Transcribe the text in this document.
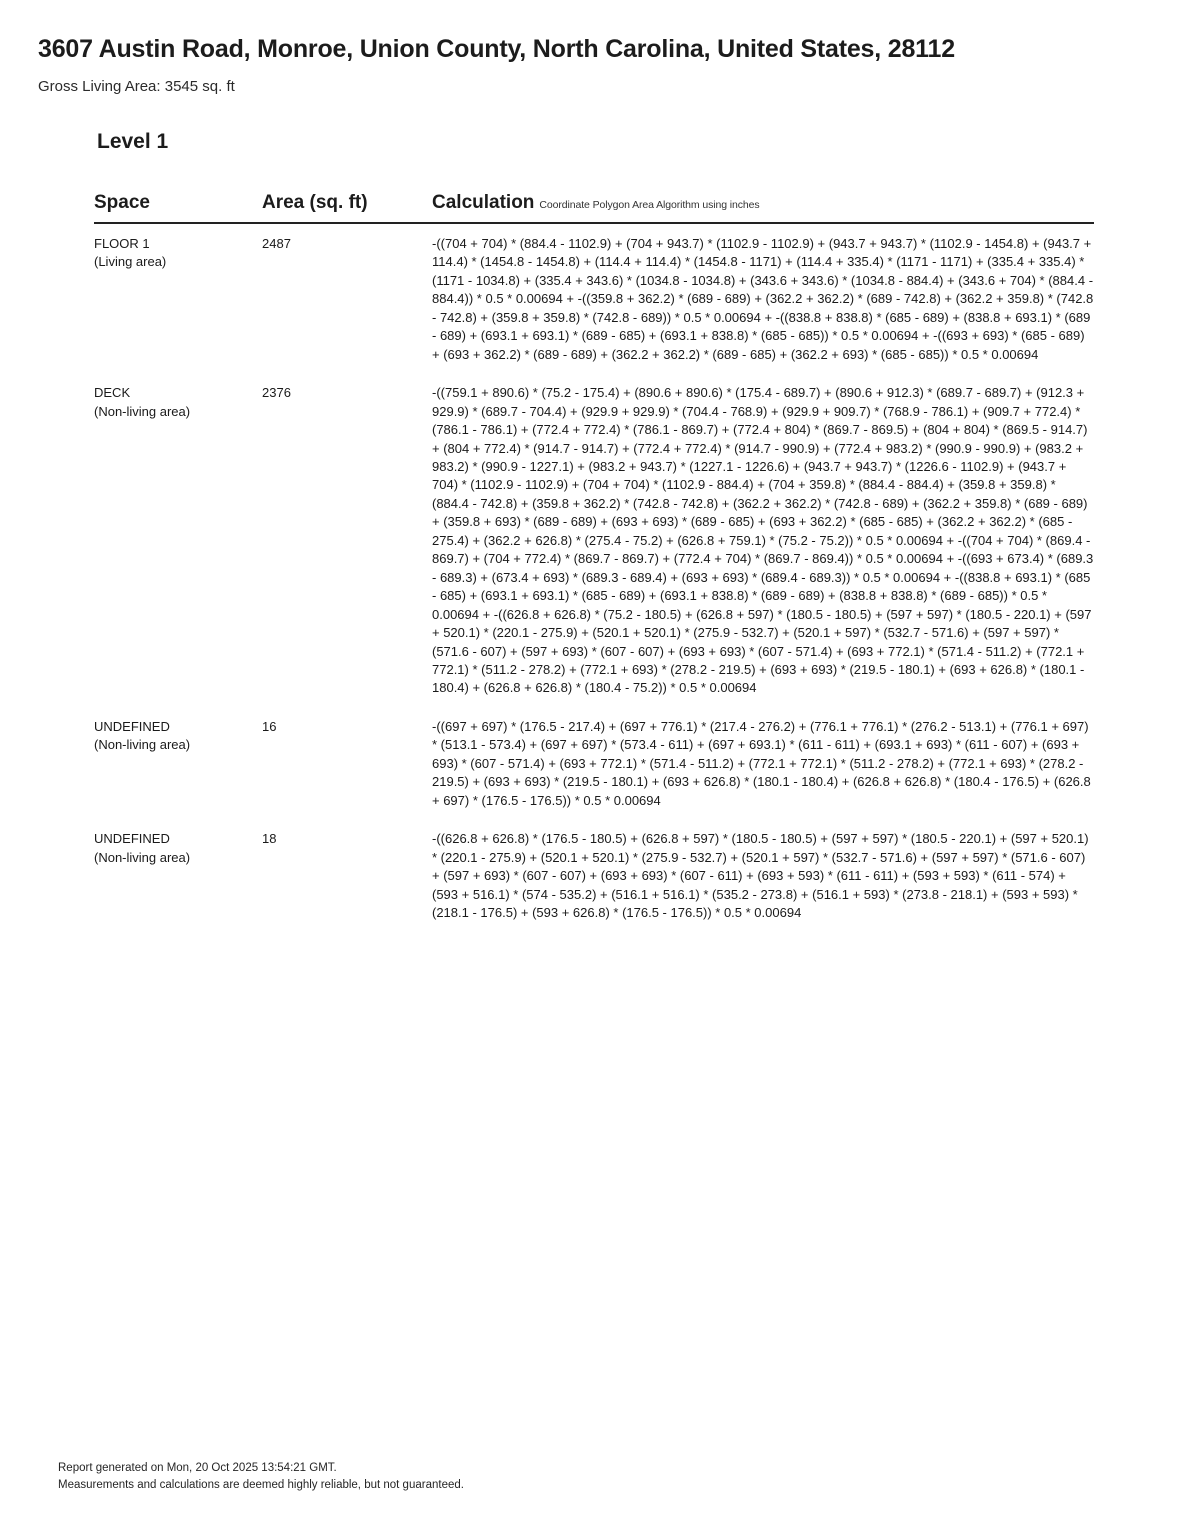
3607 Austin Road, Monroe, Union County, North Carolina, United States, 28112

Gross Living Area: 3545 sq. ft

Level 1
Space	Area (sq. ft)	Calculation Coordinate Polygon Area Algorithm using inches

FLOOR 1
(Living area)	2487	-((704 + 704) * (884.4 - 1102.9) + (704 + 943.7) * (1102.9 - 1102.9) + (943.7 + 943.7) * (1102.9 - 1454.8) + (943.7 + 114.4) * (1454.8 - 1454.8) + (114.4 + 114.4) * (1454.8 - 1171) + (114.4 + 335.4) * (1171 - 1171) + (335.4 + 335.4) * (1171 - 1034.8) + (335.4 + 343.6) * (1034.8 - 1034.8) + (343.6 + 343.6) * (1034.8 - 884.4) + (343.6 + 704) * (884.4 - 884.4)) * 0.5 * 0.00694 + -((359.8 + 362.2) * (689 - 689) + (362.2 + 362.2) * (689 - 742.8) + (362.2 + 359.8) * (742.8 - 742.8) + (359.8 + 359.8) * (742.8 - 689)) * 0.5 * 0.00694 + -((838.8 + 838.8) * (685 - 689) + (838.8 + 693.1) * (689 - 689) + (693.1 + 693.1) * (689 - 685) + (693.1 + 838.8) * (685 - 685)) * 0.5 * 0.00694 + -((693 + 693) * (685 - 689) + (693 + 362.2) * (689 - 689) + (362.2 + 362.2) * (689 - 685) + (362.2 + 693) * (685 - 685)) * 0.5 * 0.00694

DECK
(Non-living area)	2376	-((759.1 + 890.6) * (75.2 - 175.4) + (890.6 + 890.6) * (175.4 - 689.7) + (890.6 + 912.3) * (689.7 - 689.7) + (912.3 + 929.9) * (689.7 - 704.4) + (929.9 + 929.9) * (704.4 - 768.9) + (929.9 + 909.7) * (768.9 - 786.1) + (909.7 + 772.4) * (786.1 - 786.1) + (772.4 + 772.4) * (786.1 - 869.7) + (772.4 + 804) * (869.7 - 869.5) + (804 + 804) * (869.5 - 914.7) + (804 + 772.4) * (914.7 - 914.7) + (772.4 + 772.4) * (914.7 - 990.9) + (772.4 + 983.2) * (990.9 - 990.9) + (983.2 + 983.2) * (990.9 - 1227.1) + (983.2 + 943.7) * (1227.1 - 1226.6) + (943.7 + 943.7) * (1226.6 - 1102.9) + (943.7 + 704) * (1102.9 - 1102.9) + (704 + 704) * (1102.9 - 884.4) + (704 + 359.8) * (884.4 - 884.4) + (359.8 + 359.8) * (884.4 - 742.8) + (359.8 + 362.2) * (742.8 - 742.8) + (362.2 + 362.2) * (742.8 - 689) + (362.2 + 359.8) * (689 - 689) + (359.8 + 693) * (689 - 689) + (693 + 693) * (689 - 685) + (693 + 362.2) * (685 - 685) + (362.2 + 362.2) * (685 - 275.4) + (362.2 + 626.8) * (275.4 - 75.2) + (626.8 + 759.1) * (75.2 - 75.2)) * 0.5 * 0.00694 + -((704 + 704) * (869.4 - 869.7) + (704 + 772.4) * (869.7 - 869.7) + (772.4 + 704) * (869.7 - 869.4)) * 0.5 * 0.00694 + -((693 + 673.4) * (689.3 - 689.3) + (673.4 + 693) * (689.3 - 689.4) + (693 + 693) * (689.4 - 689.3)) * 0.5 * 0.00694 + -((838.8 + 693.1) * (685 - 685) + (693.1 + 693.1) * (685 - 689) + (693.1 + 838.8) * (689 - 689) + (838.8 + 838.8) * (689 - 685)) * 0.5 * 0.00694 + -((626.8 + 626.8) * (75.2 - 180.5) + (626.8 + 597) * (180.5 - 180.5) + (597 + 597) * (180.5 - 220.1) + (597 + 520.1) * (220.1 - 275.9) + (520.1 + 520.1) * (275.9 - 532.7) + (520.1 + 597) * (532.7 - 571.6) + (597 + 597) * (571.6 - 607) + (597 + 693) * (607 - 607) + (693 + 693) * (607 - 571.4) + (693 + 772.1) * (571.4 - 511.2) + (772.1 + 772.1) * (511.2 - 278.2) + (772.1 + 693) * (278.2 - 219.5) + (693 + 693) * (219.5 - 180.1) + (693 + 626.8) * (180.1 - 180.4) + (626.8 + 626.8) * (180.4 - 75.2)) * 0.5 * 0.00694

UNDEFINED
(Non-living area)	16	-((697 + 697) * (176.5 - 217.4) + (697 + 776.1) * (217.4 - 276.2) + (776.1 + 776.1) * (276.2 - 513.1) + (776.1 + 697) * (513.1 - 573.4) + (697 + 697) * (573.4 - 611) + (697 + 693.1) * (611 - 611) + (693.1 + 693) * (611 - 607) + (693 + 693) * (607 - 571.4) + (693 + 772.1) * (571.4 - 511.2) + (772.1 + 772.1) * (511.2 - 278.2) + (772.1 + 693) * (278.2 - 219.5) + (693 + 693) * (219.5 - 180.1) + (693 + 626.8) * (180.1 - 180.4) + (626.8 + 626.8) * (180.4 - 176.5) + (626.8 + 697) * (176.5 - 176.5)) * 0.5 * 0.00694

UNDEFINED
(Non-living area)	18	-((626.8 + 626.8) * (176.5 - 180.5) + (626.8 + 597) * (180.5 - 180.5) + (597 + 597) * (180.5 - 220.1) + (597 + 520.1) * (220.1 - 275.9) + (520.1 + 520.1) * (275.9 - 532.7) + (520.1 + 597) * (532.7 - 571.6) + (597 + 597) * (571.6 - 607) + (597 + 693) * (607 - 607) + (693 + 693) * (607 - 611) + (693 + 593) * (611 - 611) + (593 + 593) * (611 - 574) + (593 + 516.1) * (574 - 535.2) + (516.1 + 516.1) * (535.2 - 273.8) + (516.1 + 593) * (273.8 - 218.1) + (593 + 593) * (218.1 - 176.5) + (593 + 626.8) * (176.5 - 176.5)) * 0.5 * 0.00694
Report generated on Mon, 20 Oct 2025 13:54:21 GMT.
Measurements and calculations are deemed highly reliable, but not guaranteed.
